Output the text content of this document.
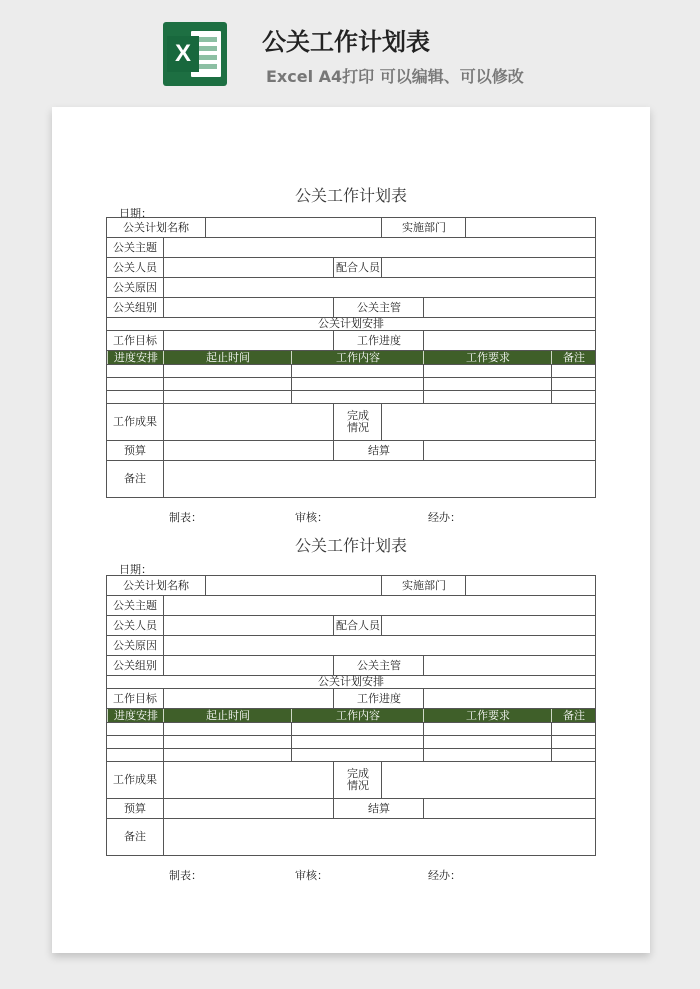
X	公关工作计划表
Excel A4打印 可以编辑、可以修改
公关工作计划表
日期：
公关计划名称	实施部门
公关主题
公关人员	配合人员
公关原因
公关组别	公关主管
公关计划安排
工作目标	工作进度
进度安排	起止时间	工作内容	工作要求	备注
工作成果	完成
情况
预算	结算
备注
制表：	审核：	经办：
公关工作计划表
日期：
公关计划名称	实施部门
公关主题
公关人员	配合人员
公关原因
公关组别	公关主管
公关计划安排
工作目标	工作进度
进度安排	起止时间	工作内容	工作要求	备注
工作成果	完成
情况
预算	结算
备注
制表：	审核：	经办：
